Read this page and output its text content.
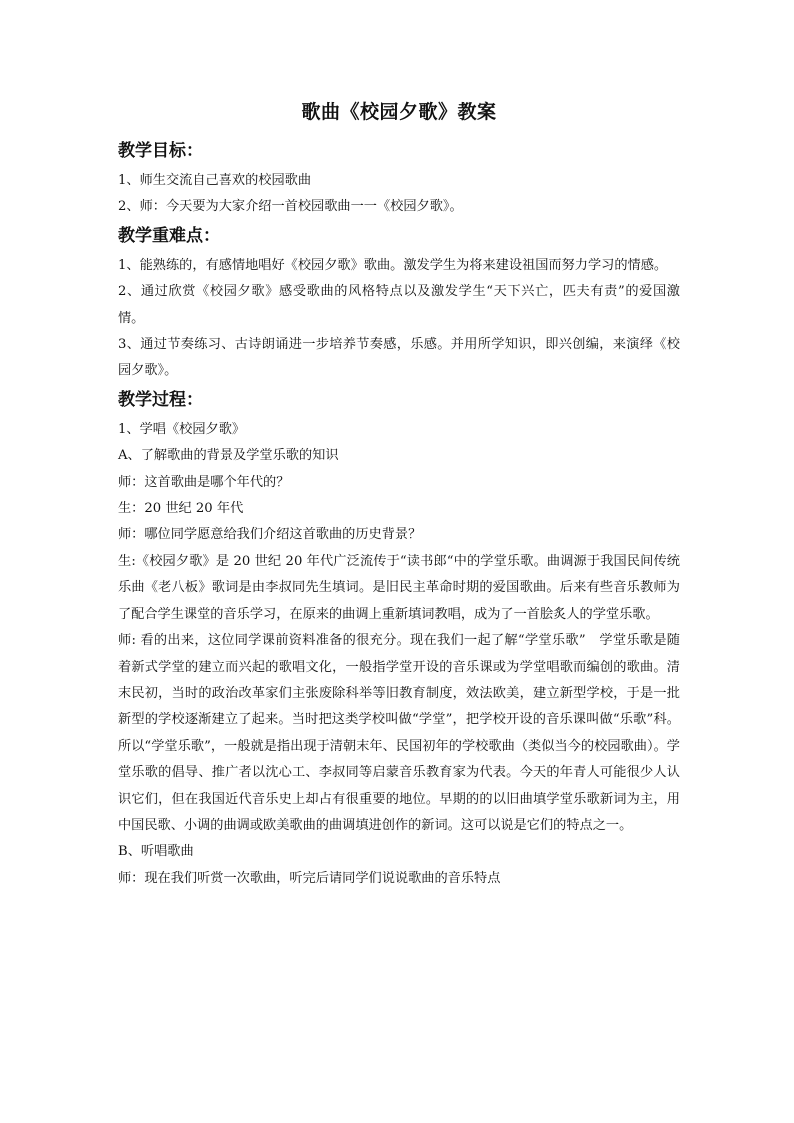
歌曲《校园夕歌》教案
教学目标：

1、师生交流自己喜欢的校园歌曲

2、师：今天要为大家介绍一首校园歌曲一一《校园夕歌》。

教学重难点：

1、能熟练的，有感情地唱好《校园夕歌》歌曲。激发学生为将来建设祖国而努力学习的情感。

2、通过欣赏《校园夕歌》感受歌曲的风格特点以及激发学生“天下兴亡，匹夫有责”的爱国激情。

3、通过节奏练习、古诗朗诵进一步培养节奏感，乐感。并用所学知识，即兴创编，来演绎《校园夕歌》。

教学过程：

1、学唱《校园夕歌》

A、了解歌曲的背景及学堂乐歌的知识

师：这首歌曲是哪个年代的？

生：20 世纪 20 年代

师：哪位同学愿意给我们介绍这首歌曲的历史背景？

生:《校园夕歌》是 20 世纪 20 年代广泛流传于“读书郎“中的学堂乐歌。曲调源于我国民间传统乐曲《老八板》歌词是由李叔同先生填词。是旧民主革命时期的爱国歌曲。后来有些音乐教师为了配合学生课堂的音乐学习，在原来的曲调上重新填词教唱，成为了一首脍炙人的学堂乐歌。

师: 看的出来，这位同学课前资料准备的很充分。现在我们一起了解“学堂乐歌”　学堂乐歌是随着新式学堂的建立而兴起的歌唱文化，一般指学堂开设的音乐课或为学堂唱歌而编创的歌曲。清末民初，当时的政治改革家们主张废除科举等旧教育制度，效法欧美，建立新型学校，于是一批新型的学校逐渐建立了起来。当时把这类学校叫做“学堂”，把学校开设的音乐课叫做“乐歌”科。所以“学堂乐歌”，一般就是指出现于清朝末年、民国初年的学校歌曲（类似当今的校园歌曲）。学堂乐歌的倡导、推广者以沈心工、李叔同等启蒙音乐教育家为代表。今天的年青人可能很少人认识它们，但在我国近代音乐史上却占有很重要的地位。早期的的以旧曲填学堂乐歌新词为主，用中国民歌、小调的曲调或欧美歌曲的曲调填进创作的新词。这可以说是它们的特点之一。

B、听唱歌曲

师：现在我们听赏一次歌曲，听完后请同学们说说歌曲的音乐特点
